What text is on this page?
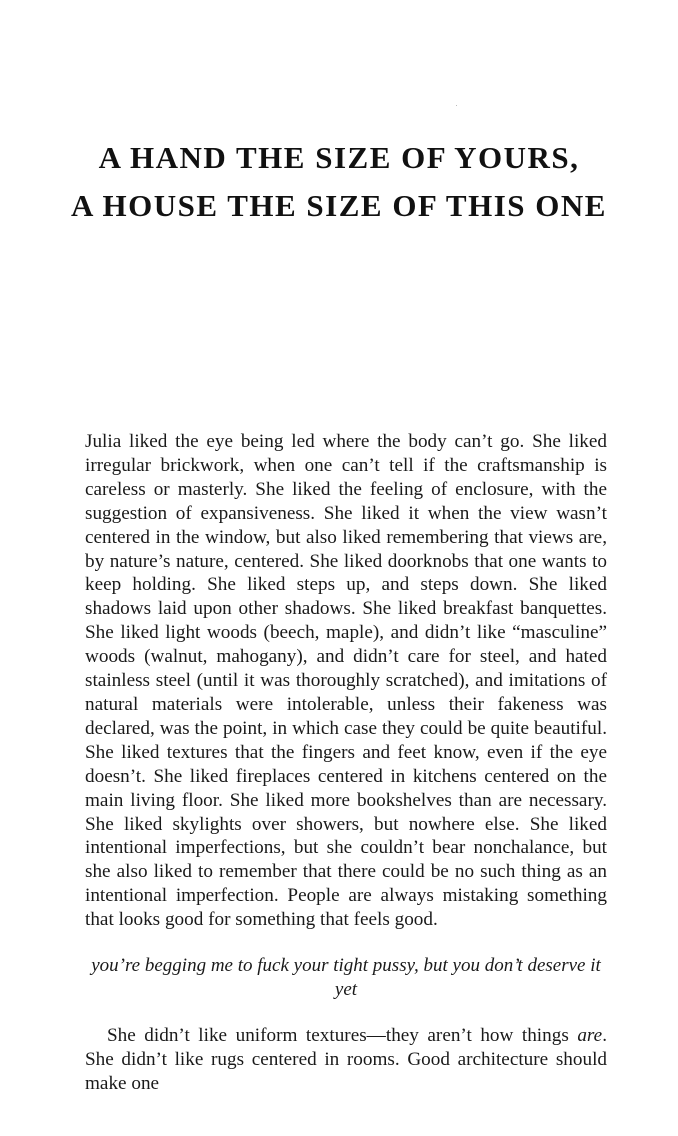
A HAND THE SIZE OF YOURS,
A HOUSE THE SIZE OF THIS ONE

Julia liked the eye being led where the body can’t go. She liked irregular brickwork, when one can’t tell if the craftsmanship is careless or masterly. She liked the feeling of enclosure, with the suggestion of expansiveness. She liked it when the view wasn’t centered in the window, but also liked remembering that views are, by nature’s nature, centered. She liked doorknobs that one wants to keep holding. She liked steps up, and steps down. She liked shadows laid upon other shadows. She liked breakfast banquettes. She liked light woods (beech, maple), and didn’t like “masculine” woods (walnut, mahogany), and didn’t care for steel, and hated stainless steel (until it was thoroughly scratched), and imitations of natural materials were intolerable, unless their fakeness was declared, was the point, in which case they could be quite beautiful. She liked textures that the fingers and feet know, even if the eye doesn’t. She liked fireplaces centered in kitchens centered on the main living floor. She liked more bookshelves than are necessary. She liked skylights over showers, but nowhere else. She liked intentional imperfections, but she couldn’t bear nonchalance, but she also liked to remember that there could be no such thing as an intentional imperfection. People are always mistaking something that looks good for something that feels good.

you’re begging me to fuck your tight pussy, but you don’t deserve it yet

She didn’t like uniform textures—they aren’t how things are. She didn’t like rugs centered in rooms. Good architecture should make one
